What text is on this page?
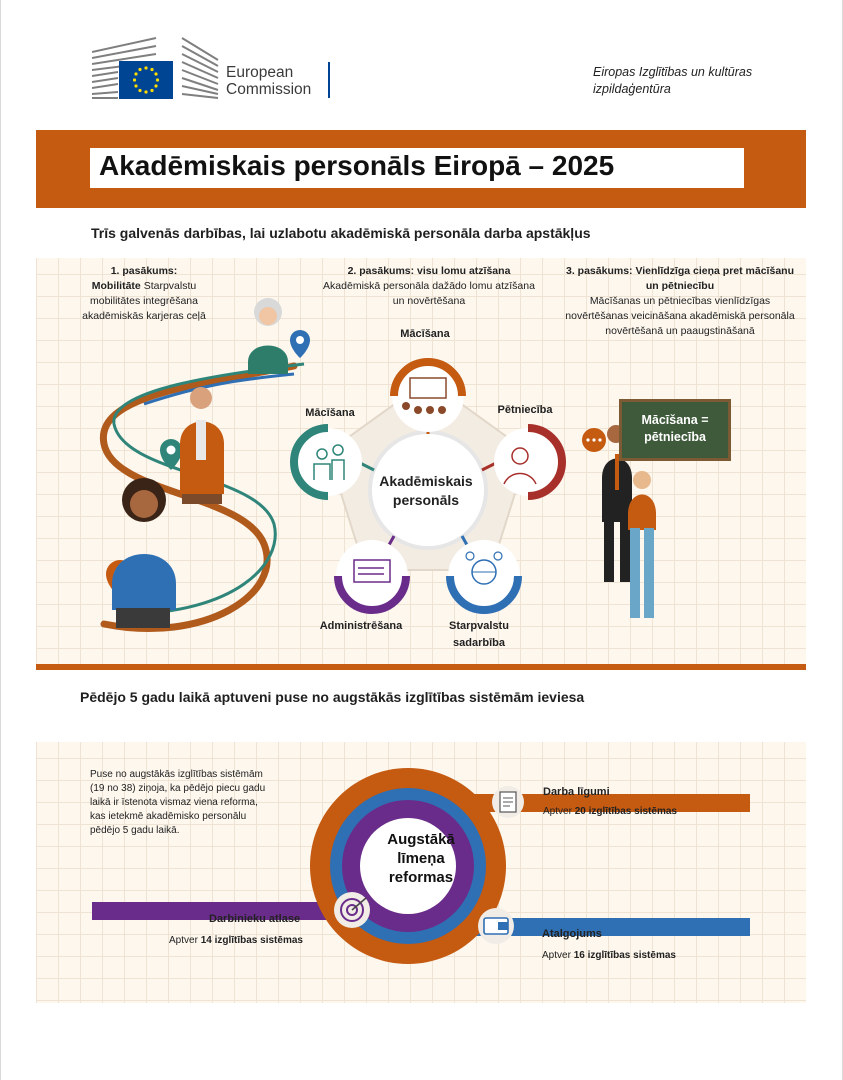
European
Commission
Eiropas Izglītības un kultūras
izpildaģentūra
Akadēmiskais personāls Eiropā – 2025
Trīs galvenās darbības, lai uzlabotu akadēmiskā personāla darba apstākļus
1. pasākums:
Mobilitāte Starpvalstu
mobilitātes integrēšana akadēmiskās karjeras ceļā
2. pasākums: visu lomu atzīšana
Akadēmiskā personāla dažādo lomu atzīšana un novērtēšana
3. pasākums: Vienlīdzīga cieņa pret mācīšanu un pētniecību
Mācīšanas un pētniecības vienlīdzīgas novērtēšanas veicināšana akadēmiskā personāla novērtēšanā un paaugstināšanā
Akadēmiskais
personāls
Mācīšana
Mācīšana	Pētniecība
Administrēšana	Starpvalstu
sadarbība
Mācīšana =
pētniecība
Pēdējo 5 gadu laikā aptuveni puse no augstākās izglītības sistēmām ieviesa
Puse no augstākās izglītības sistēmām (19 no 38) ziņoja, ka pēdējo piecu gadu laikā ir īstenota vismaz viena reforma, kas ietekmē akadēmisko personālu pēdējo 5 gadu laikā.
Augstākā
līmeņa
reformas
Darba līgumi
Aptver 20 izglītības sistēmas
Darbinieku atlase
Aptver 14 izglītības sistēmas
Atalgojums
Aptver 16 izglītības sistēmas
